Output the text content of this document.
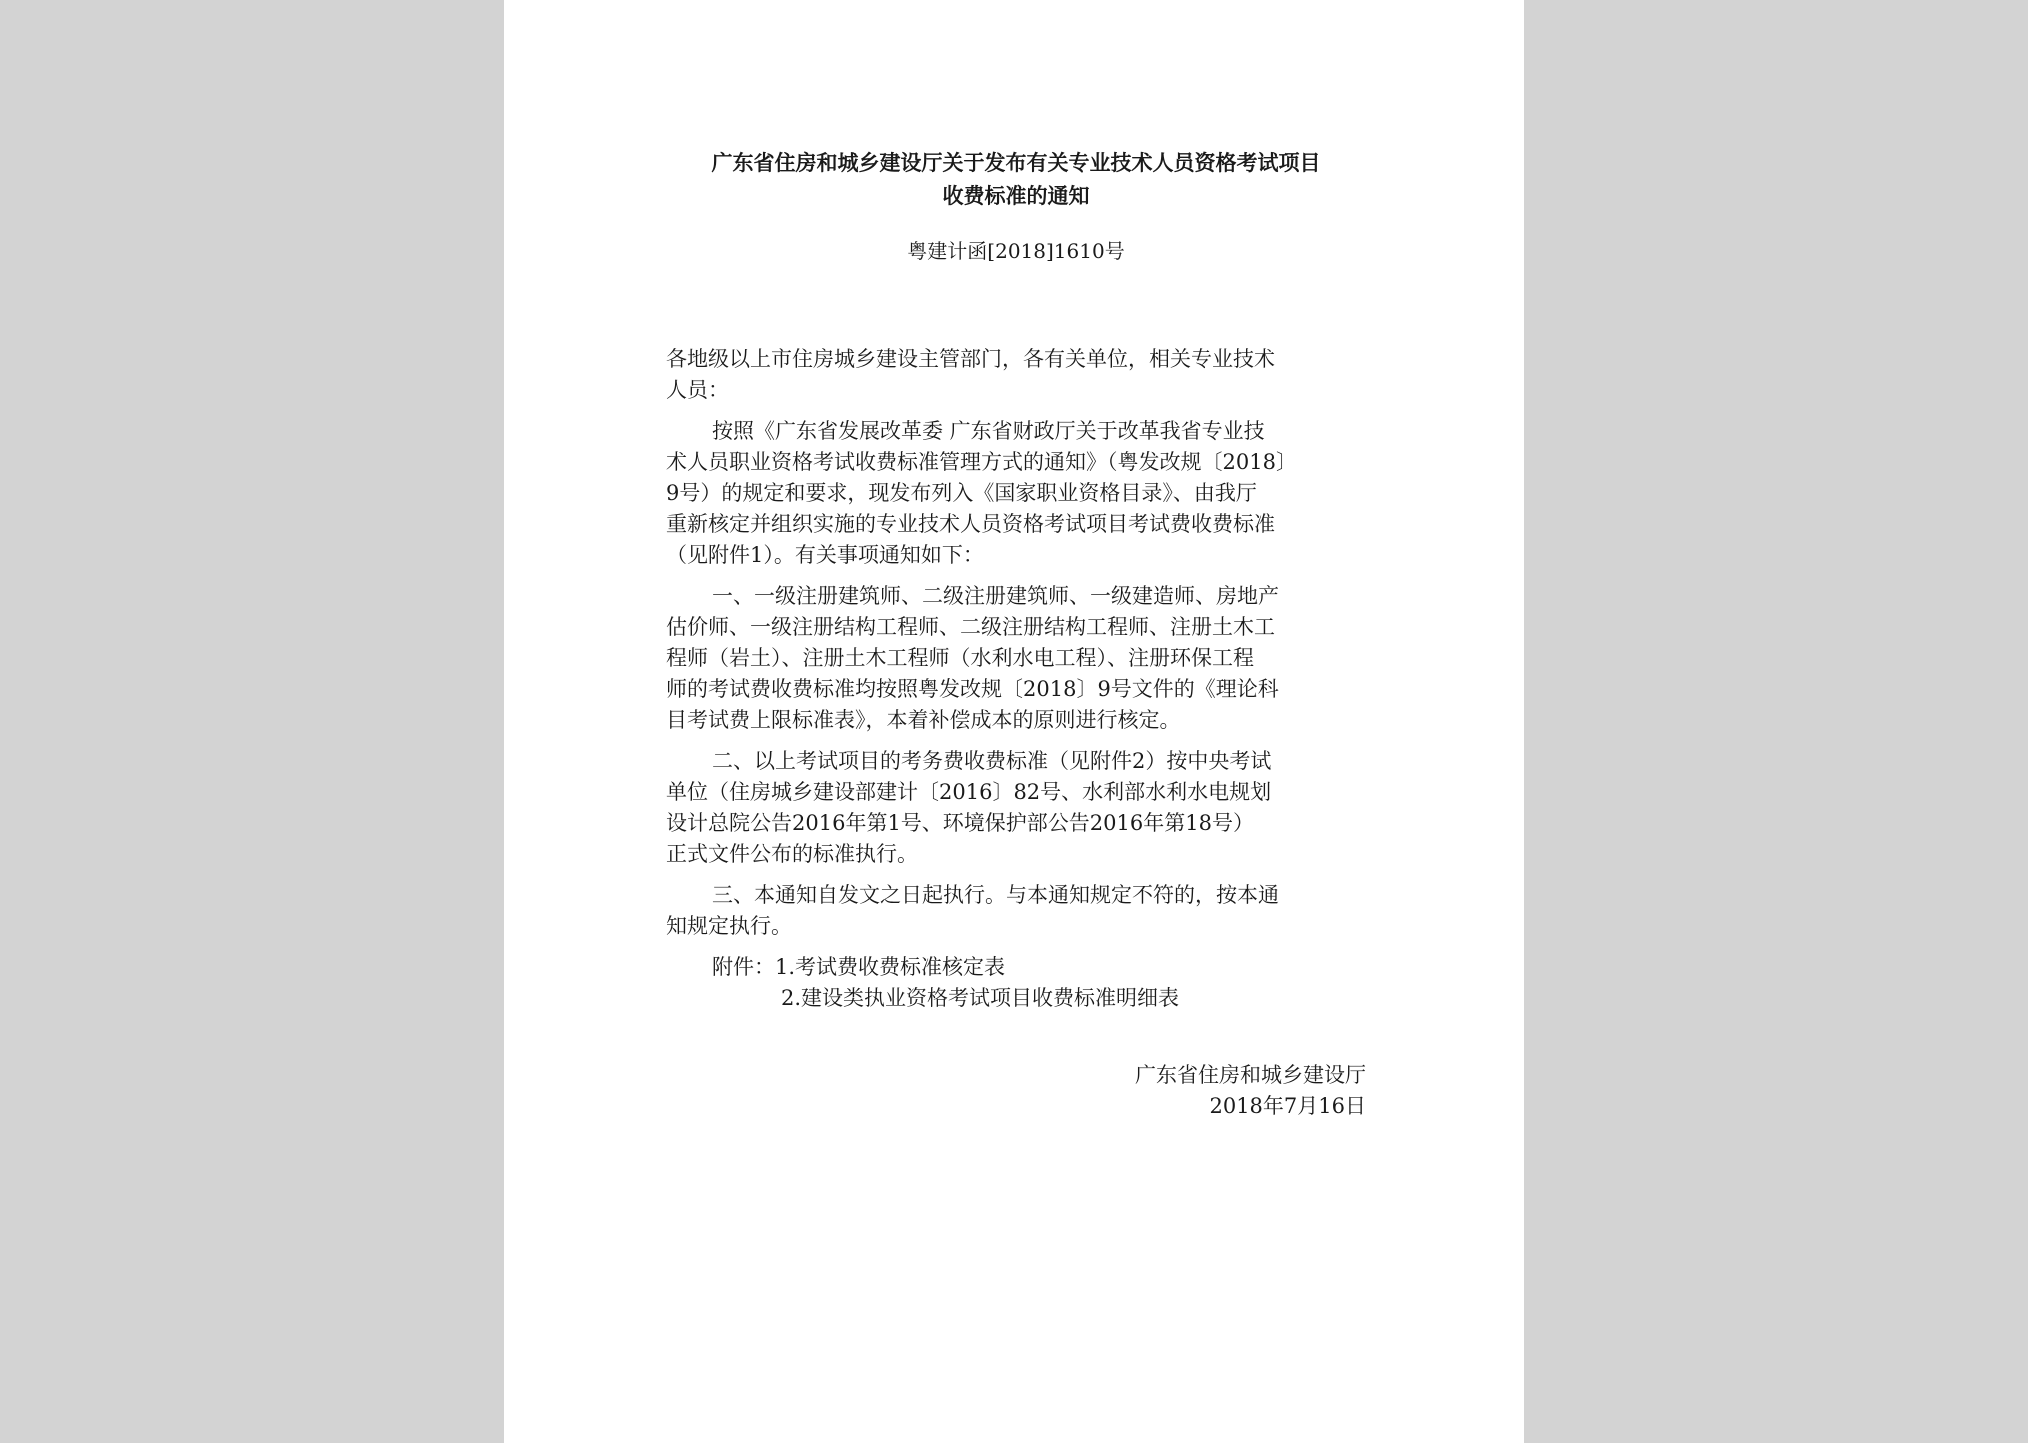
广东省住房和城乡建设厅关于发布有关专业技术人员资格考试项目
收费标准的通知

粤建计函[2018]1610号

各地级以上市住房城乡建设主管部门，各有关单位，相关专业技术

人员：

按照《广东省发展改革委 广东省财政厅关于改革我省专业技

术人员职业资格考试收费标准管理方式的通知》（粤发改规〔2018〕

9号）的规定和要求，现发布列入《国家职业资格目录》、由我厅

重新核定并组织实施的专业技术人员资格考试项目考试费收费标准

（见附件1）。有关事项通知如下：

一、一级注册建筑师、二级注册建筑师、一级建造师、房地产

估价师、一级注册结构工程师、二级注册结构工程师、注册土木工

程师（岩土）、注册土木工程师（水利水电工程）、注册环保工程

师的考试费收费标准均按照粤发改规〔2018〕9号文件的《理论科

目考试费上限标准表》，本着补偿成本的原则进行核定。

二、以上考试项目的考务费收费标准（见附件2）按中央考试

单位（住房城乡建设部建计〔2016〕82号、水利部水利水电规划

设计总院公告2016年第1号、环境保护部公告2016年第18号）

正式文件公布的标准执行。

三、本通知自发文之日起执行。与本通知规定不符的，按本通

知规定执行。

附件：1.考试费收费标准核定表

2.建设类执业资格考试项目收费标准明细表

广东省住房和城乡建设厅

2018年7月16日
